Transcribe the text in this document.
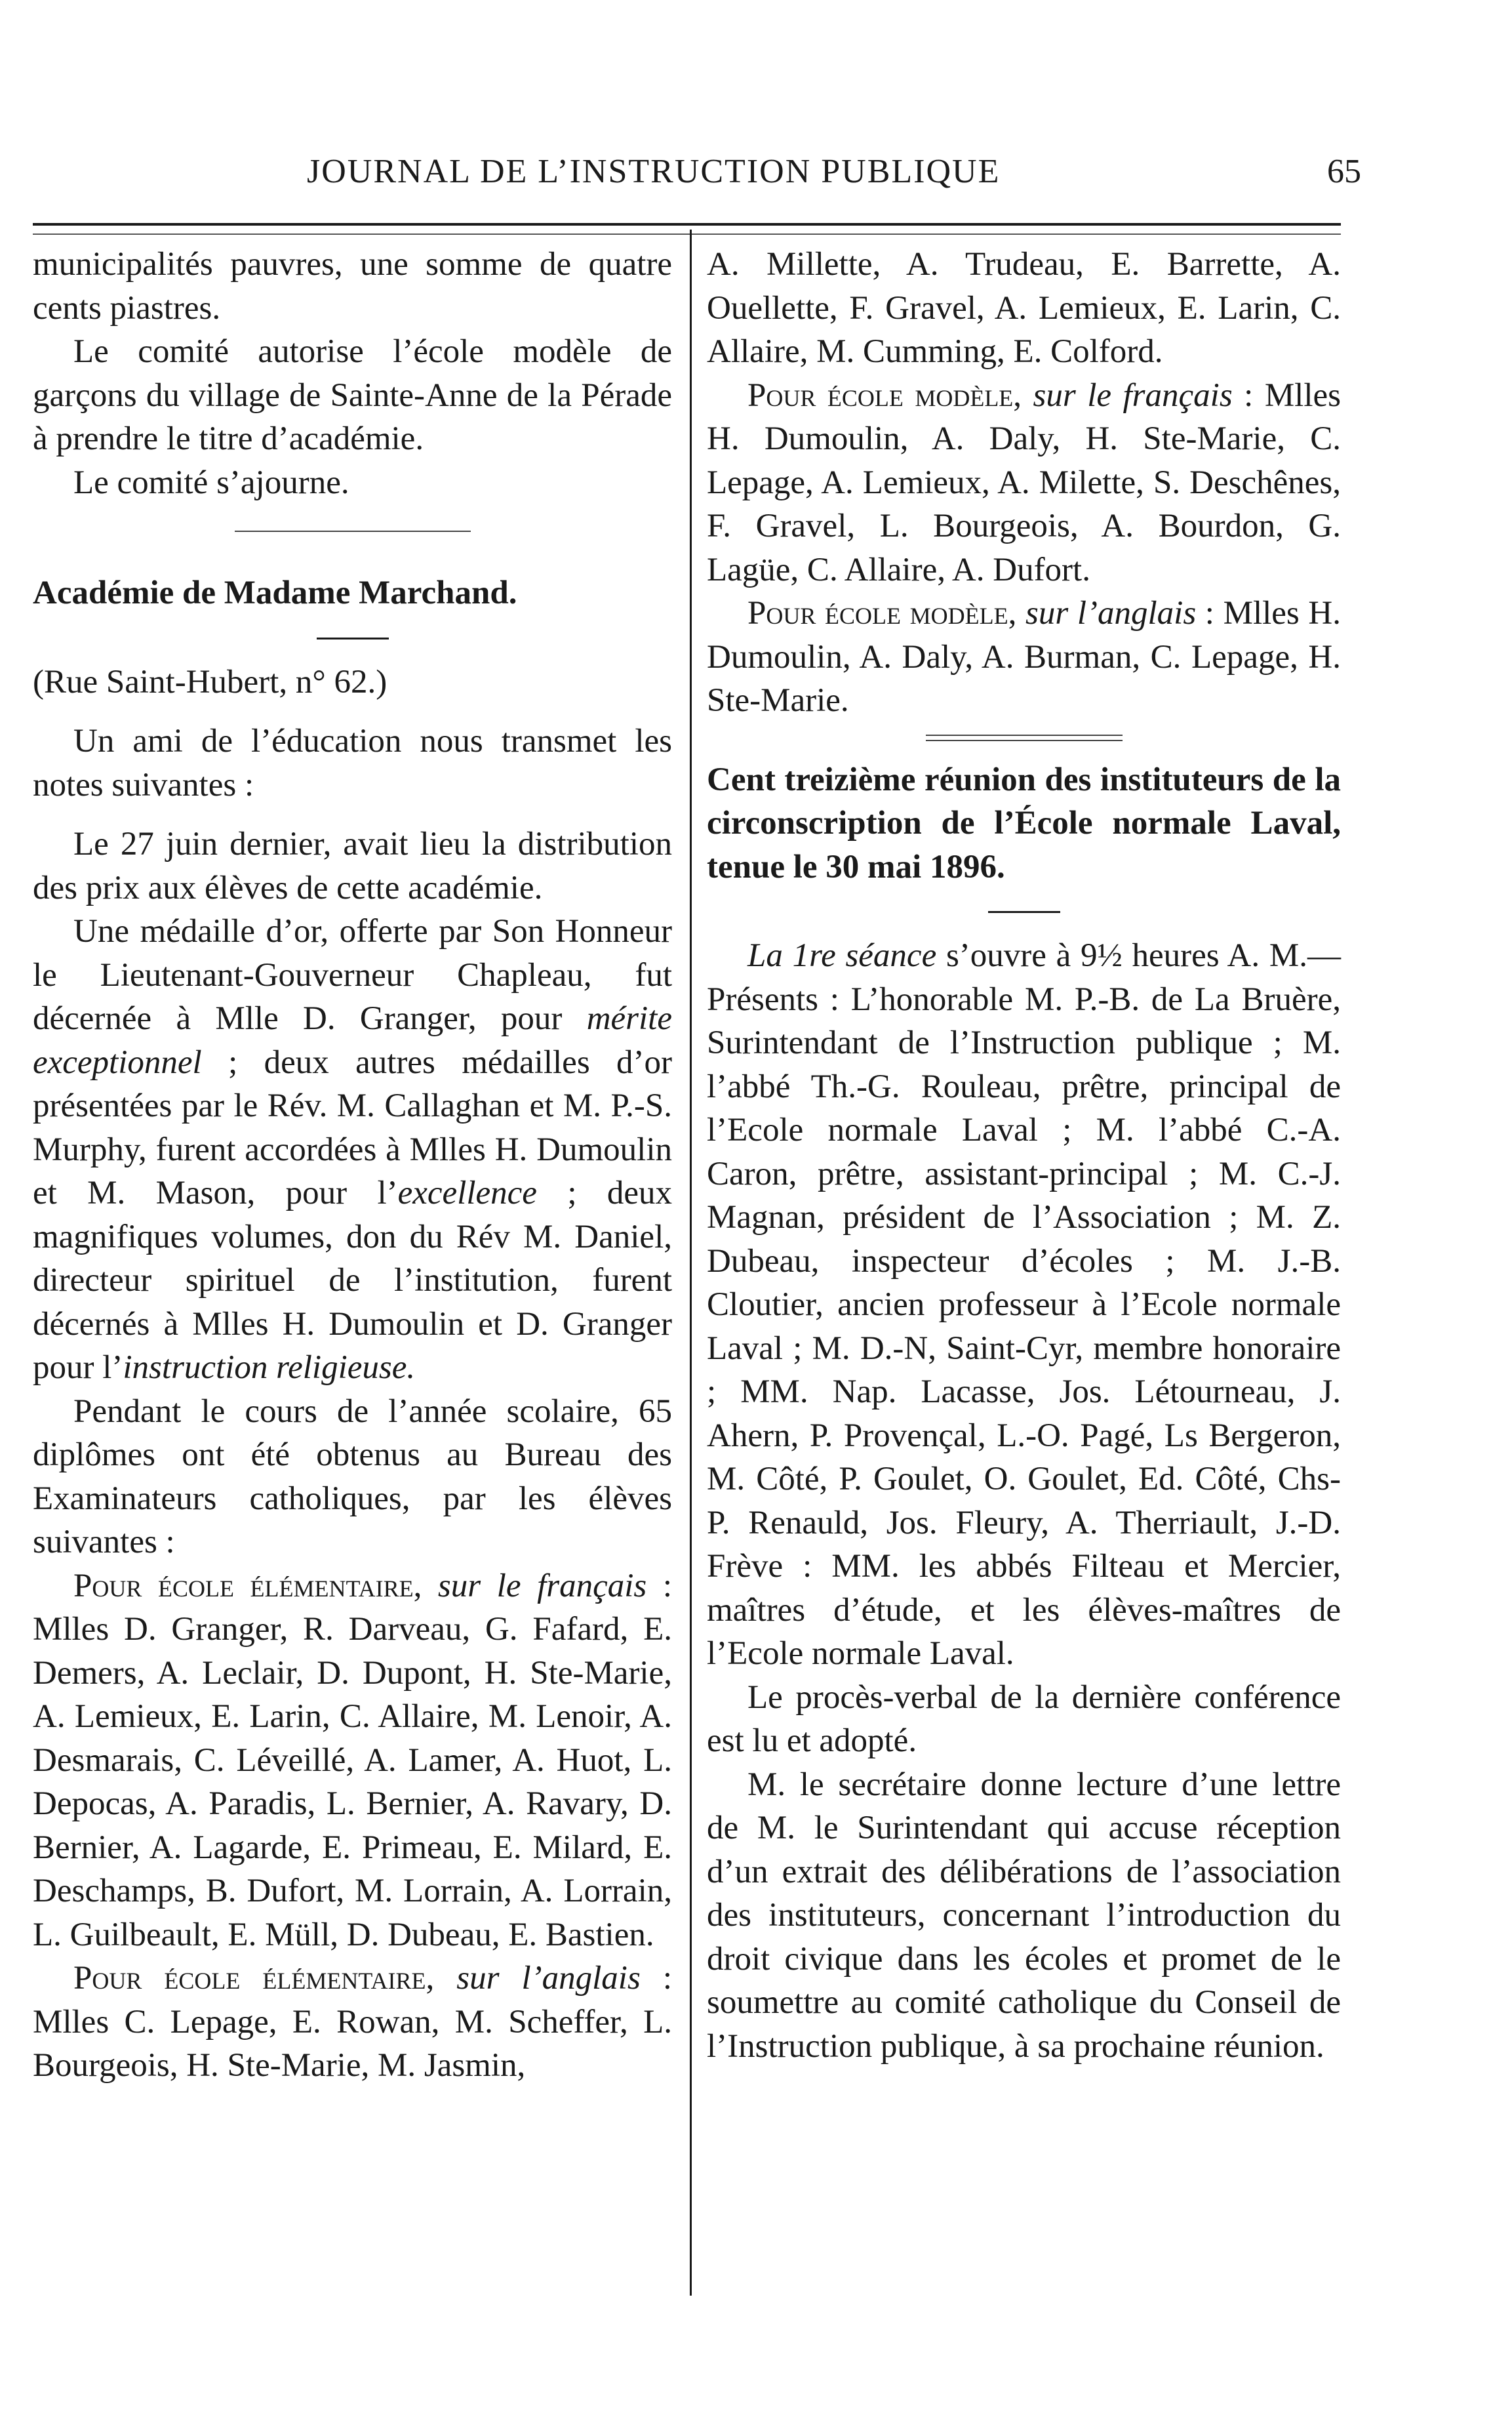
JOURNAL DE L’INSTRUCTION PUBLIQUE	65

municipalités pauvres, une somme de quatre cents piastres.

Le comité autorise l’école modèle de garçons du village de Sainte-Anne de la Pérade à prendre le titre d’académie.

Le comité s’ajourne.

Académie de Madame Marchand.

(Rue Saint-Hubert, n° 62.)

Un ami de l’éducation nous transmet les notes suivantes :

Le 27 juin dernier, avait lieu la distribution des prix aux élèves de cette académie.

Une médaille d’or, offerte par Son Honneur le Lieutenant-Gouverneur Chapleau, fut décernée à Mlle D. Granger, pour mérite exceptionnel ; deux autres médailles d’or présentées par le Rév. M. Callaghan et M. P.-S. Murphy, furent accordées à Mlles H. Dumoulin et M. Mason, pour l’excellence ; deux magnifiques volumes, don du Rév M. Daniel, directeur spirituel de l’institution, furent décernés à Mlles H. Dumoulin et D. Granger pour l’instruction religieuse.

Pendant le cours de l’année scolaire, 65 diplômes ont été obtenus au Bureau des Examinateurs catholiques, par les élèves suivantes :

Pour école élémentaire, sur le français : Mlles D. Granger, R. Darveau, G. Fafard, E. Demers, A. Leclair, D. Dupont, H. Ste-Marie, A. Lemieux, E. Larin, C. Allaire, M. Lenoir, A. Desmarais, C. Léveillé, A. Lamer, A. Huot, L. Depocas, A. Paradis, L. Bernier, A. Ravary, D. Bernier, A. Lagarde, E. Primeau, E. Milard, E. Deschamps, B. Dufort, M. Lorrain, A. Lorrain, L. Guilbeault, E. Müll, D. Dubeau, E. Bastien.

Pour école élémentaire, sur l’anglais : Mlles C. Lepage, E. Rowan, M. Scheffer, L. Bourgeois, H. Ste-Marie, M. Jasmin,

A. Millette, A. Trudeau, E. Barrette, A. Ouellette, F. Gravel, A. Lemieux, E. Larin, C. Allaire, M. Cumming, E. Colford.

Pour école modèle, sur le français : Mlles H. Dumoulin, A. Daly, H. Ste-Marie, C. Lepage, A. Lemieux, A. Milette, S. Deschênes, F. Gravel, L. Bourgeois, A. Bourdon, G. Lagüe, C. Allaire, A. Dufort.

Pour école modèle, sur l’anglais : Mlles H. Dumoulin, A. Daly, A. Burman, C. Lepage, H. Ste-Marie.

Cent treizième réunion des instituteurs de la circonscription de l’École normale Laval, tenue le 30 mai 1896.

La 1re séance s’ouvre à 9½ heures A. M.—Présents : L’honorable M. P.-B. de La Bruère, Surintendant de l’Instruction publique ; M. l’abbé Th.-G. Rouleau, prêtre, principal de l’Ecole normale Laval ; M. l’abbé C.-A. Caron, prêtre, assistant-principal ; M. C.-J. Magnan, président de l’Association ; M. Z. Dubeau, inspecteur d’écoles ; M. J.-B. Cloutier, ancien professeur à l’Ecole normale Laval ; M. D.-N, Saint-Cyr, membre honoraire ; MM. Nap. Lacasse, Jos. Létourneau, J. Ahern, P. Provençal, L.-O. Pagé, Ls Bergeron, M. Côté, P. Goulet, O. Goulet, Ed. Côté, Chs-P. Renauld, Jos. Fleury, A. Therriault, J.-D. Frève : MM. les abbés Filteau et Mercier, maîtres d’étude, et les élèves-maîtres de l’Ecole normale Laval.

Le procès-verbal de la dernière conférence est lu et adopté.

M. le secrétaire donne lecture d’une lettre de M. le Surintendant qui accuse réception d’un extrait des délibérations de l’association des instituteurs, concernant l’introduction du droit civique dans les écoles et promet de le soumettre au comité catholique du Conseil de l’Instruction publique, à sa prochaine réunion.
